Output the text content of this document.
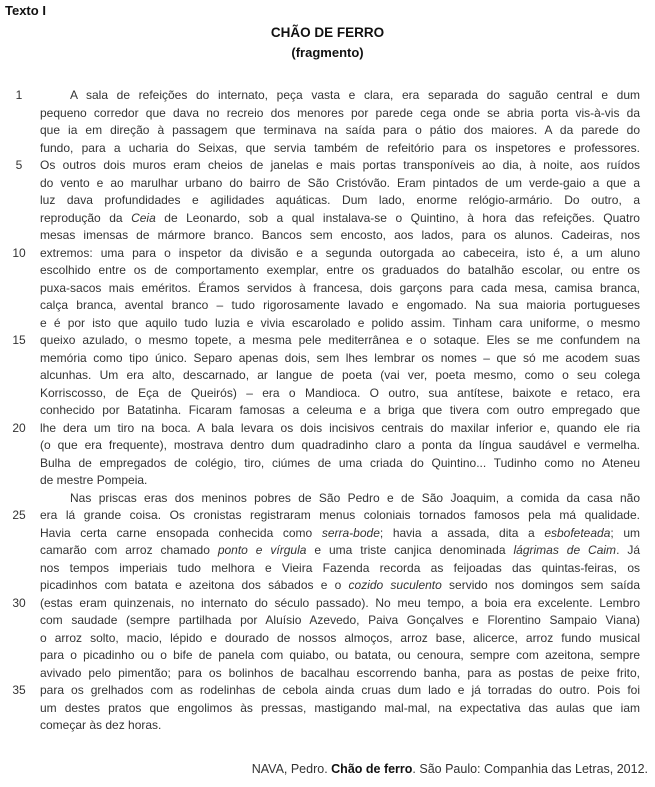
Texto I
CHÃO DE FERRO
(fragmento)
1	A sala de refeições do internato, peça vasta e clara, era separada do saguão central e dum
pequeno corredor que dava no recreio dos menores por parede cega onde se abria porta vis-à-vis da
que ia em direção à passagem que terminava na saída para o pátio dos maiores. A da parede do
fundo, para a ucharia do Seixas, que servia também de refeitório para os inspetores e professores.
5	Os outros dois muros eram cheios de janelas e mais portas transponíveis ao dia, à noite, aos ruídos
do vento e ao marulhar urbano do bairro de São Cristóvão. Eram pintados de um verde-gaio a que a
luz dava profundidades e agilidades aquáticas. Dum lado, enorme relógio-armário. Do outro, a
reprodução da Ceia de Leonardo, sob a qual instalava-se o Quintino, à hora das refeições. Quatro
mesas imensas de mármore branco. Bancos sem encosto, aos lados, para os alunos. Cadeiras, nos
10	extremos: uma para o inspetor da divisão e a segunda outorgada ao cabeceira, isto é, a um aluno
escolhido entre os de comportamento exemplar, entre os graduados do batalhão escolar, ou entre os
puxa-sacos mais eméritos. Éramos servidos à francesa, dois garçons para cada mesa, camisa branca,
calça branca, avental branco – tudo rigorosamente lavado e engomado. Na sua maioria portugueses
e é por isto que aquilo tudo luzia e vivia escarolado e polido assim. Tinham cara uniforme, o mesmo
15	queixo azulado, o mesmo topete, a mesma pele mediterrânea e o sotaque. Eles se me confundem na
memória como tipo único. Separo apenas dois, sem lhes lembrar os nomes – que só me acodem suas
alcunhas. Um era alto, descarnado, ar langue de poeta (vai ver, poeta mesmo, como o seu colega
Korriscosso, de Eça de Queirós) – era o Mandioca. O outro, sua antítese, baixote e retaco, era
conhecido por Batatinha. Ficaram famosas a celeuma e a briga que tivera com outro empregado que
20	lhe dera um tiro na boca. A bala levara os dois incisivos centrais do maxilar inferior e, quando ele ria
(o que era frequente), mostrava dentro dum quadradinho claro a ponta da língua saudável e vermelha.
Bulha de empregados de colégio, tiro, ciúmes de uma criada do Quintino... Tudinho como no Ateneu
de mestre Pompeia.
Nas priscas eras dos meninos pobres de São Pedro e de São Joaquim, a comida da casa não
25	era lá grande coisa. Os cronistas registraram menus coloniais tornados famosos pela má qualidade.
Havia certa carne ensopada conhecida como serra-bode; havia a assada, dita a esbofeteada; um
camarão com arroz chamado ponto e vírgula e uma triste canjica denominada lágrimas de Caim. Já
nos tempos imperiais tudo melhora e Vieira Fazenda recorda as feijoadas das quintas-feiras, os
picadinhos com batata e azeitona dos sábados e o cozido suculento servido nos domingos sem saída
30	(estas eram quinzenais, no internato do século passado). No meu tempo, a boia era excelente. Lembro
com saudade (sempre partilhada por Aluísio Azevedo, Paiva Gonçalves e Florentino Sampaio Viana)
o arroz solto, macio, lépido e dourado de nossos almoços, arroz base, alicerce, arroz fundo musical
para o picadinho ou o bife de panela com quiabo, ou batata, ou cenoura, sempre com azeitona, sempre
avivado pelo pimentão; para os bolinhos de bacalhau escorrendo banha, para as postas de peixe frito,
35	para os grelhados com as rodelinhas de cebola ainda cruas dum lado e já torradas do outro. Pois foi
um destes pratos que engolimos às pressas, mastigando mal-mal, na expectativa das aulas que iam
começar às dez horas.
NAVA, Pedro. Chão de ferro. São Paulo: Companhia das Letras, 2012.
